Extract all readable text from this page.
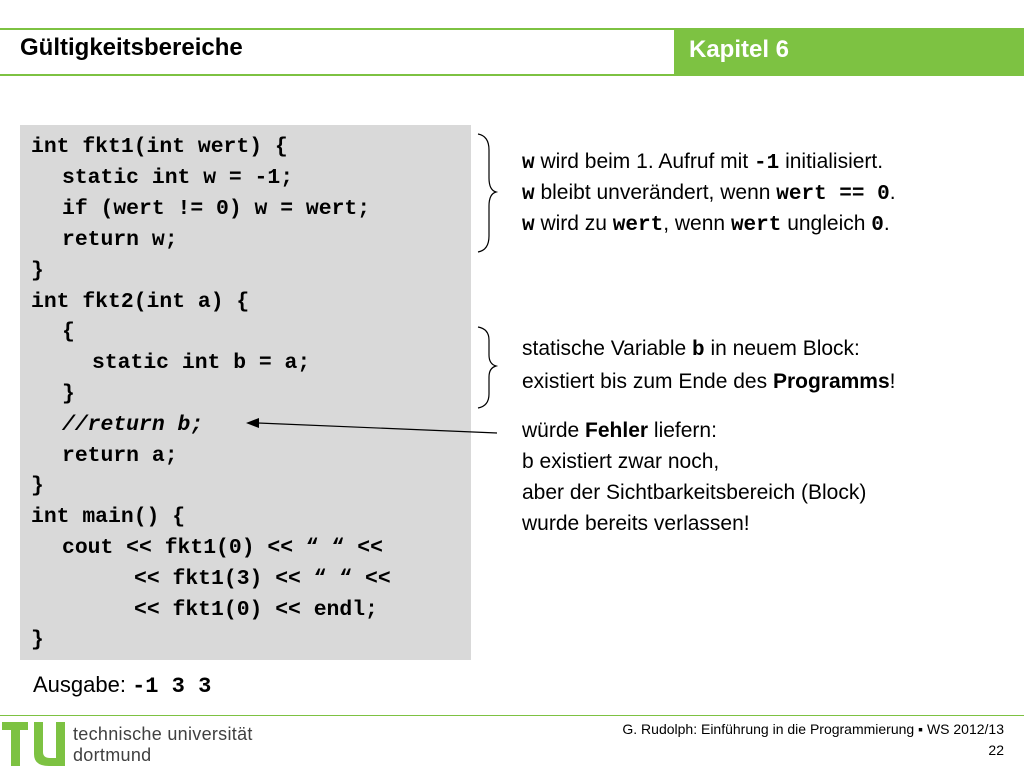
Gültigkeitsbereiche	Kapitel 6
int fkt1(int wert) {
static int w = -1;
if (wert != 0) w = wert;
return w;
}
int fkt2(int a) {
{
static int b = a;
}
//return b;
return a;
}
int main() {
cout << fkt1(0) << “ “ <<
<< fkt1(3) << “ “ <<
<< fkt1(0) << endl;
}
w wird beim 1. Aufruf mit -1 initialisiert.
w bleibt unverändert, wenn wert == 0.
w wird zu wert, wenn wert ungleich 0.
statische Variable b in neuem Block:
existiert bis zum Ende des Programms!
würde Fehler liefern:
b existiert zwar noch,
aber der Sichtbarkeitsbereich (Block)
wurde bereits verlassen!
Ausgabe: -1 3 3
technische universität
dortmund
G. Rudolph: Einführung in die Programmierung ▪ WS 2012/13
22
